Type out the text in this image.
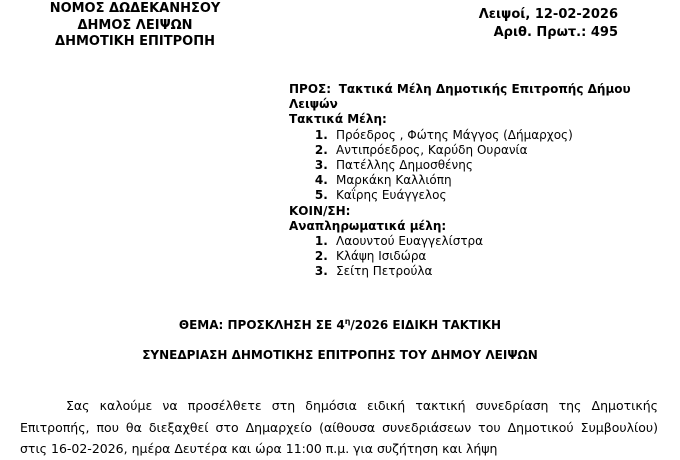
ΝΟΜΟΣ ΔΩΔΕΚΑΝΗΣΟΥ
ΔΗΜΟΣ ΛΕΙΨΩΝ
ΔΗΜΟΤΙΚΗ ΕΠΙΤΡΟΠΗ
Λειψοί, 12-02-2026
Αριθ. Πρωτ.: 495
ΠΡΟΣ: Τακτικά Μέλη Δημοτικής Επιτροπής Δήμου Λειψών
Τακτικά Μέλη:
1. Πρόεδρος , Φώτης Μάγγος (Δήμαρχος)
2. Αντιπρόεδρος, Καρύδη Ουρανία
3. Πατέλλης Δημοσθένης
4. Μαρκάκη Καλλιόπη
5. Καΐρης Ευάγγελος
ΚΟΙΝ/ΣΗ:
Αναπληρωματικά μέλη:
1. Λαουντού Ευαγγελίστρα
2. Κλάψη Ισιδώρα
3. Σείτη Πετρούλα
ΘΕΜΑ: ΠΡΟΣΚΛΗΣΗ ΣΕ $4^\eta/2026$ ΕΙΔΙΚΗ ΤΑΚΤΙΚΗ
ΣΥΝΕΔΡΙΑΣΗ ΔΗΜΟΤΙΚΗΣ ΕΠΙΤΡΟΠΗΣ ΤΟΥ ΔΗΜΟΥ ΛΕΙΨΩΝ
Σας καλούμε να προσέλθετε στη δημόσια ειδική τακτική συνεδρίαση της Δημοτικής Επιτροπής, που θα διεξαχθεί στο Δημαρχείο (αίθουσα συνεδριάσεων του Δημοτικού Συμβουλίου) στις 16-02-2026, ημέρα Δευτέρα και ώρα 11:00 π.μ. για συζήτηση και λήψη
